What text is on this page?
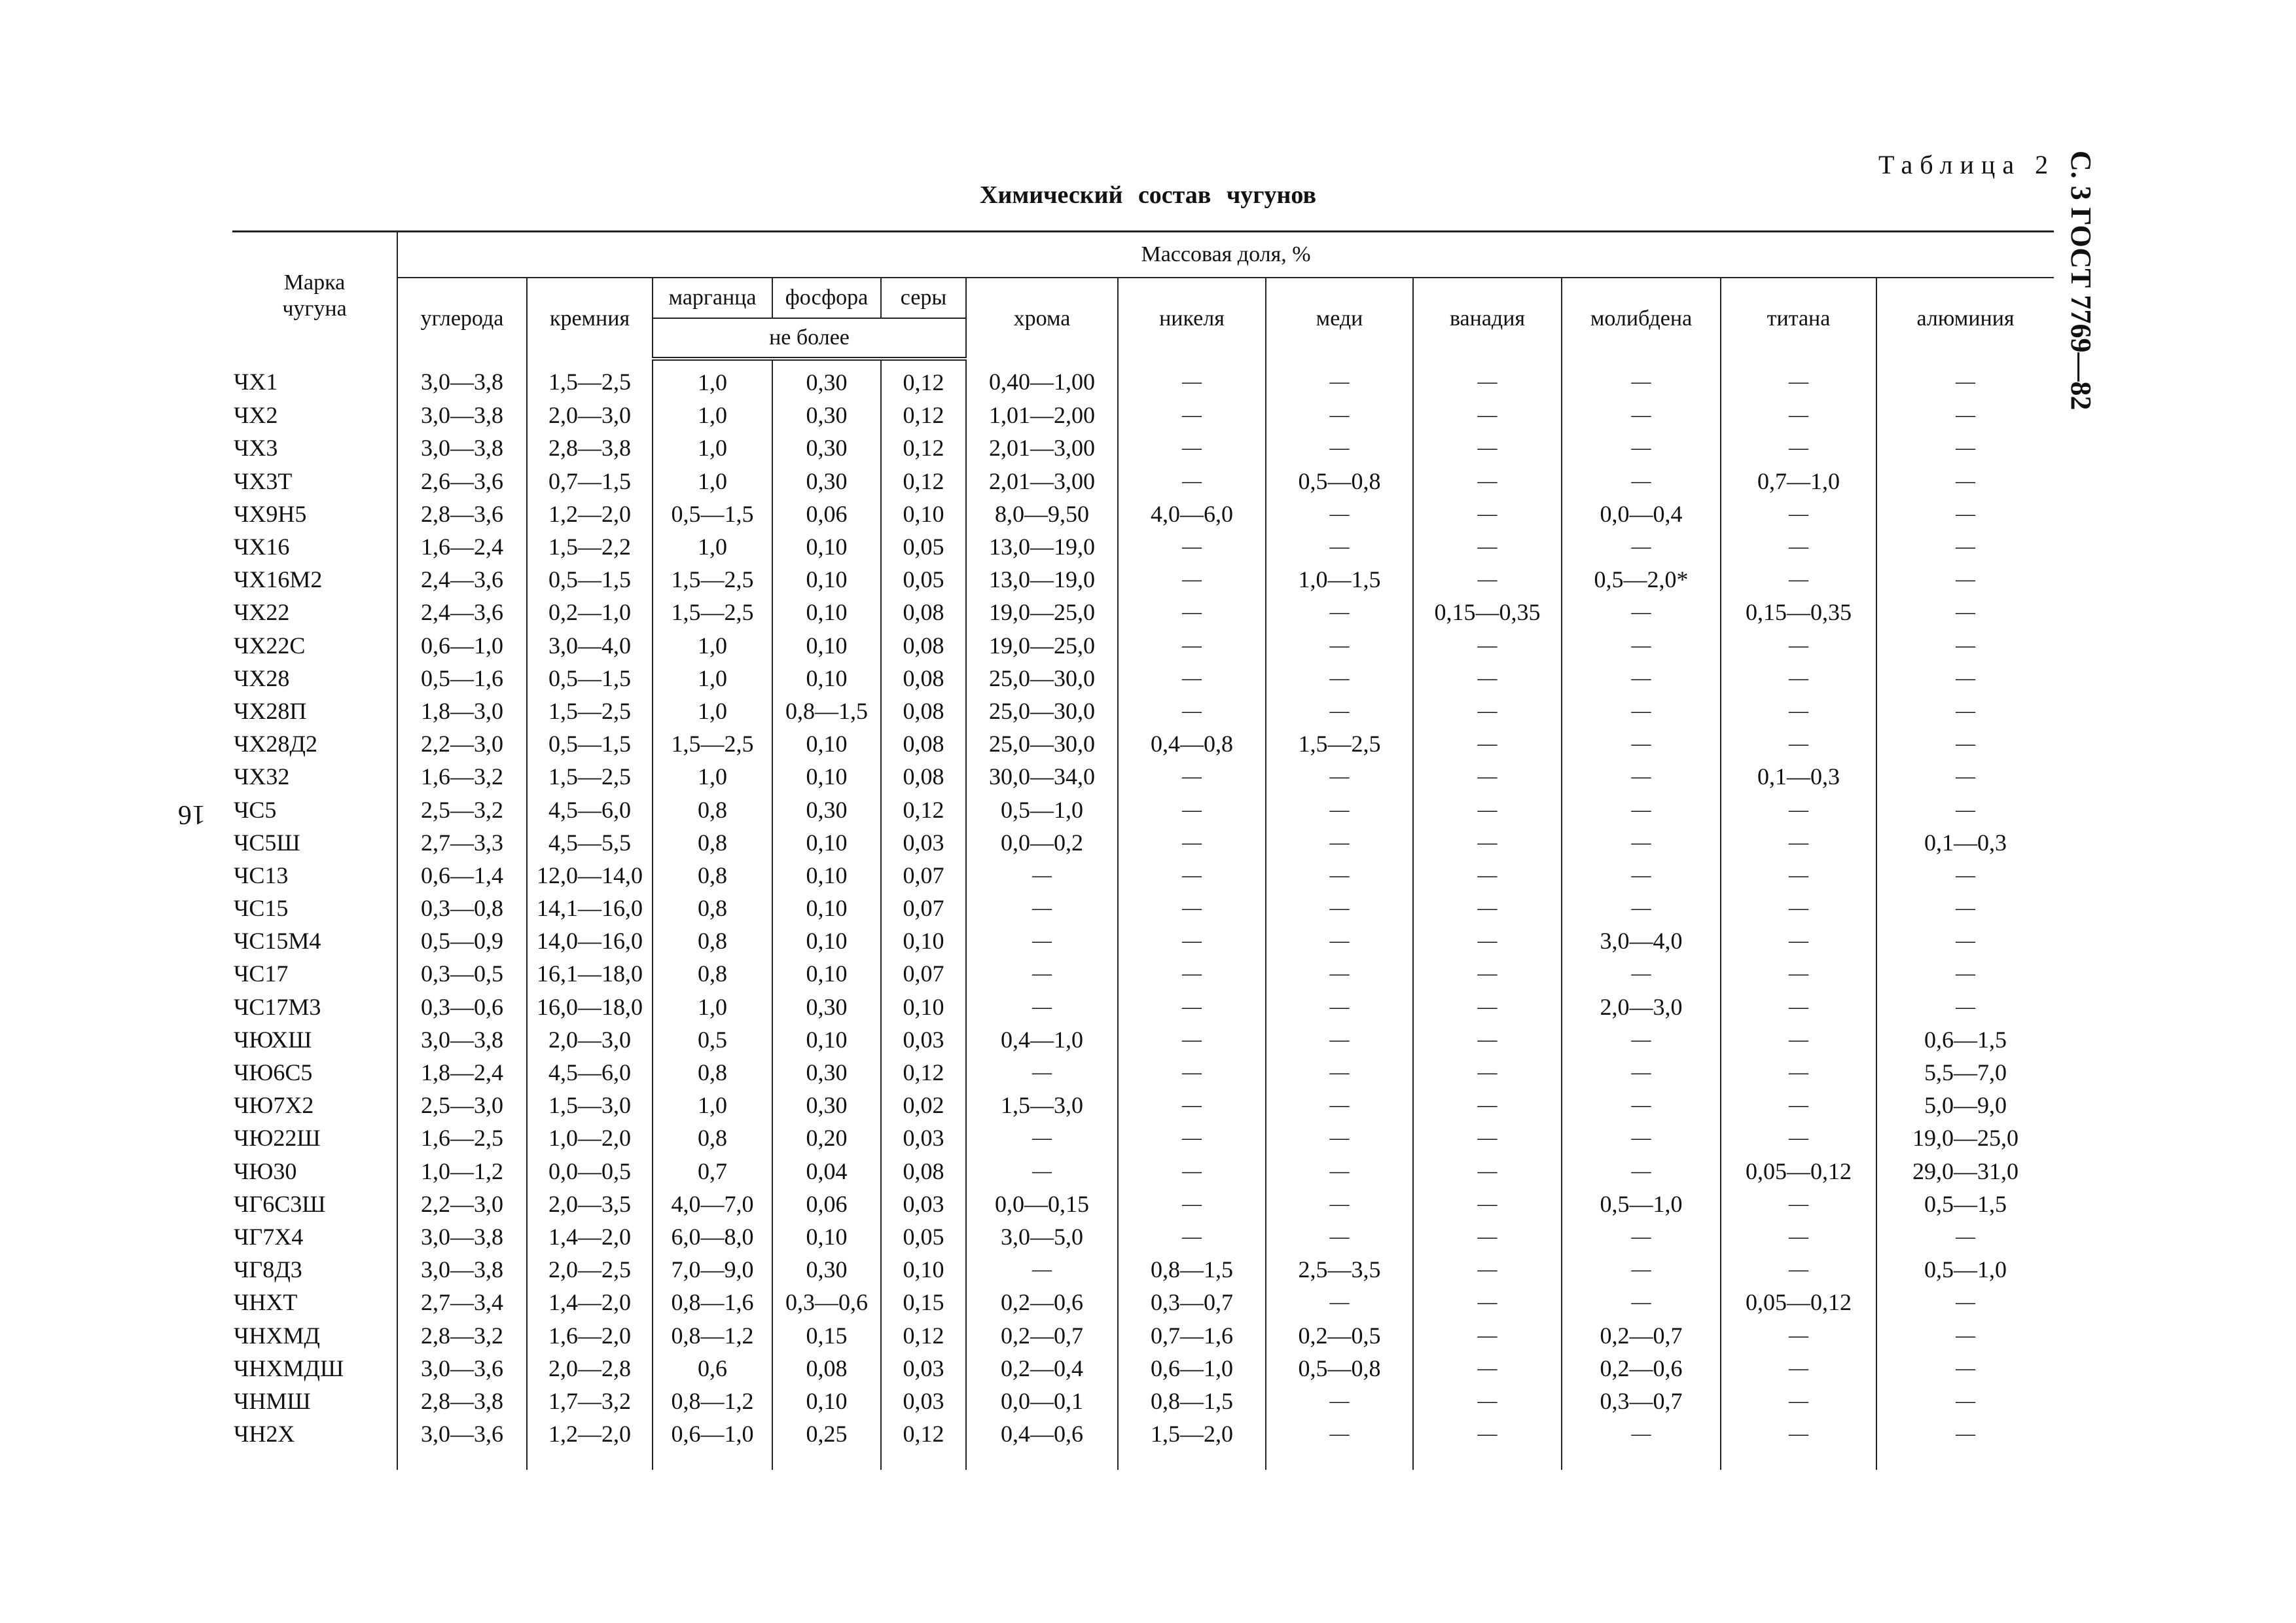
С. 3 ГОСТ 7769—82
Таблица 2
Химический состав чугунов
16
Марка чугуна	Массовая доля, %											
	углерода	кремния	марганца	фосфора	серы	хрома	никеля	меди	ванадия	молибдена	титана	алюминия
			не более									
ЧХ1	3,0—3,8	1,5—2,5	1,0	0,30	0,12	0,40—1,00	—	—	—	—	—	—
ЧХ2	3,0—3,8	2,0—3,0	1,0	0,30	0,12	1,01—2,00	—	—	—	—	—	—
ЧХ3	3,0—3,8	2,8—3,8	1,0	0,30	0,12	2,01—3,00	—	—	—	—	—	—
ЧХ3Т	2,6—3,6	0,7—1,5	1,0	0,30	0,12	2,01—3,00	—	0,5—0,8	—	—	0,7—1,0	—
ЧХ9Н5	2,8—3,6	1,2—2,0	0,5—1,5	0,06	0,10	8,0—9,50	4,0—6,0	—	—	0,0—0,4	—	—
ЧХ16	1,6—2,4	1,5—2,2	1,0	0,10	0,05	13,0—19,0	—	—	—	—	—	—
ЧХ16М2	2,4—3,6	0,5—1,5	1,5—2,5	0,10	0,05	13,0—19,0	—	1,0—1,5	—	0,5—2,0*	—	—
ЧХ22	2,4—3,6	0,2—1,0	1,5—2,5	0,10	0,08	19,0—25,0	—	—	0,15—0,35	—	0,15—0,35	—
ЧХ22С	0,6—1,0	3,0—4,0	1,0	0,10	0,08	19,0—25,0	—	—	—	—	—	—
ЧХ28	0,5—1,6	0,5—1,5	1,0	0,10	0,08	25,0—30,0	—	—	—	—	—	—
ЧХ28П	1,8—3,0	1,5—2,5	1,0	0,8—1,5	0,08	25,0—30,0	—	—	—	—	—	—
ЧХ28Д2	2,2—3,0	0,5—1,5	1,5—2,5	0,10	0,08	25,0—30,0	0,4—0,8	1,5—2,5	—	—	—	—
ЧХ32	1,6—3,2	1,5—2,5	1,0	0,10	0,08	30,0—34,0	—	—	—	—	0,1—0,3	—
ЧС5	2,5—3,2	4,5—6,0	0,8	0,30	0,12	0,5—1,0	—	—	—	—	—	—
ЧС5Ш	2,7—3,3	4,5—5,5	0,8	0,10	0,03	0,0—0,2	—	—	—	—	—	0,1—0,3
ЧС13	0,6—1,4	12,0—14,0	0,8	0,10	0,07	—	—	—	—	—	—	—
ЧС15	0,3—0,8	14,1—16,0	0,8	0,10	0,07	—	—	—	—	—	—	—
ЧС15М4	0,5—0,9	14,0—16,0	0,8	0,10	0,10	—	—	—	—	3,0—4,0	—	—
ЧС17	0,3—0,5	16,1—18,0	0,8	0,10	0,07	—	—	—	—	—	—	—
ЧС17М3	0,3—0,6	16,0—18,0	1,0	0,30	0,10	—	—	—	—	2,0—3,0	—	—
ЧЮХШ	3,0—3,8	2,0—3,0	0,5	0,10	0,03	0,4—1,0	—	—	—	—	—	0,6—1,5
ЧЮ6С5	1,8—2,4	4,5—6,0	0,8	0,30	0,12	—	—	—	—	—	—	5,5—7,0
ЧЮ7Х2	2,5—3,0	1,5—3,0	1,0	0,30	0,02	1,5—3,0	—	—	—	—	—	5,0—9,0
ЧЮ22Ш	1,6—2,5	1,0—2,0	0,8	0,20	0,03	—	—	—	—	—	—	19,0—25,0
ЧЮ30	1,0—1,2	0,0—0,5	0,7	0,04	0,08	—	—	—	—	—	0,05—0,12	29,0—31,0
ЧГ6С3Ш	2,2—3,0	2,0—3,5	4,0—7,0	0,06	0,03	0,0—0,15	—	—	—	0,5—1,0	—	0,5—1,5
ЧГ7Х4	3,0—3,8	1,4—2,0	6,0—8,0	0,10	0,05	3,0—5,0	—	—	—	—	—	—
ЧГ8Д3	3,0—3,8	2,0—2,5	7,0—9,0	0,30	0,10	—	0,8—1,5	2,5—3,5	—	—	—	0,5—1,0
ЧНХТ	2,7—3,4	1,4—2,0	0,8—1,6	0,3—0,6	0,15	0,2—0,6	0,3—0,7	—	—	—	0,05—0,12	—
ЧНХМД	2,8—3,2	1,6—2,0	0,8—1,2	0,15	0,12	0,2—0,7	0,7—1,6	0,2—0,5	—	0,2—0,7	—	—
ЧНХМДШ	3,0—3,6	2,0—2,8	0,6	0,08	0,03	0,2—0,4	0,6—1,0	0,5—0,8	—	0,2—0,6	—	—
ЧНМШ	2,8—3,8	1,7—3,2	0,8—1,2	0,10	0,03	0,0—0,1	0,8—1,5	—	—	0,3—0,7	—	—
ЧН2Х	3,0—3,6	1,2—2,0	0,6—1,0	0,25	0,12	0,4—0,6	1,5—2,0	—	—	—	—	—
